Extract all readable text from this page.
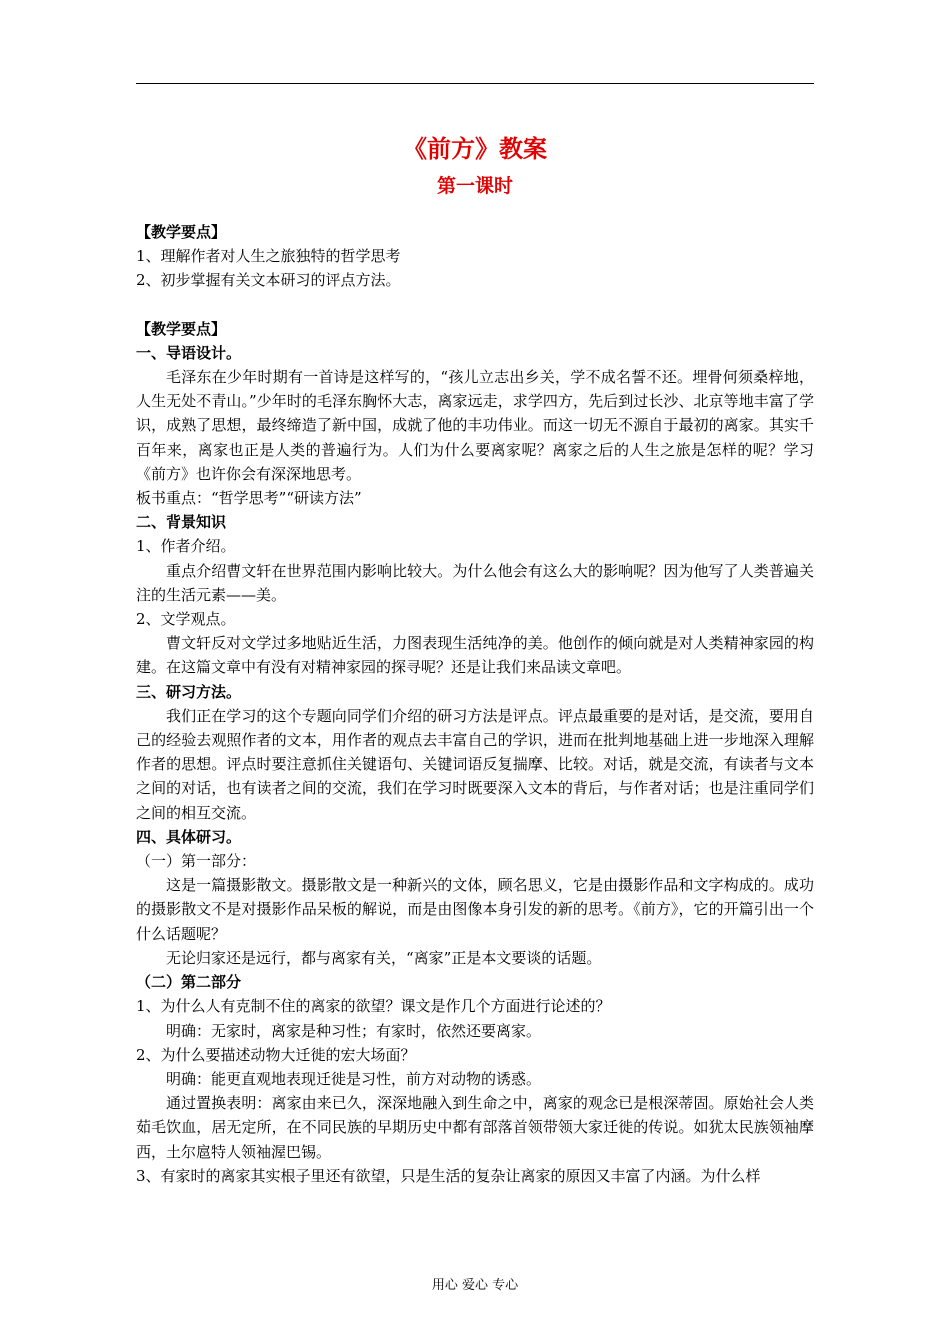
《前方》教案
第一课时

【教学要点】

1、理解作者对人生之旅独特的哲学思考

2、初步掌握有关文本研习的评点方法。

【教学要点】

一、导语设计。

毛泽东在少年时期有一首诗是这样写的，“孩儿立志出乡关，学不成名誓不还。埋骨何须桑梓地，人生无处不青山。”少年时的毛泽东胸怀大志，离家远走，求学四方，先后到过长沙、北京等地丰富了学识，成熟了思想，最终缔造了新中国，成就了他的丰功伟业。而这一切无不源自于最初的离家。其实千百年来，离家也正是人类的普遍行为。人们为什么要离家呢？离家之后的人生之旅是怎样的呢？学习《前方》也许你会有深深地思考。

板书重点：“哲学思考”“研读方法”

二、背景知识

1、作者介绍。

重点介绍曹文轩在世界范围内影响比较大。为什么他会有这么大的影响呢？因为他写了人类普遍关注的生活元素——美。

2、文学观点。

曹文轩反对文学过多地贴近生活，力图表现生活纯净的美。他创作的倾向就是对人类精神家园的构建。在这篇文章中有没有对精神家园的探寻呢？还是让我们来品读文章吧。

三、研习方法。

我们正在学习的这个专题向同学们介绍的研习方法是评点。评点最重要的是对话，是交流，要用自己的经验去观照作者的文本，用作者的观点去丰富自己的学识，进而在批判地基础上进一步地深入理解作者的思想。评点时要注意抓住关键语句、关键词语反复揣摩、比较。对话，就是交流，有读者与文本之间的对话，也有读者之间的交流，我们在学习时既要深入文本的背后，与作者对话；也是注重同学们之间的相互交流。

四、具体研习。

（一）第一部分：

这是一篇摄影散文。摄影散文是一种新兴的文体，顾名思义，它是由摄影作品和文字构成的。成功的摄影散文不是对摄影作品呆板的解说，而是由图像本身引发的新的思考。《前方》，它的开篇引出一个什么话题呢？

无论归家还是远行，都与离家有关，“离家”正是本文要谈的话题。

（二）第二部分

1、为什么人有克制不住的离家的欲望？课文是作几个方面进行论述的？

明确：无家时，离家是种习性；有家时，依然还要离家。

2、为什么要描述动物大迁徙的宏大场面？

明确：能更直观地表现迁徙是习性，前方对动物的诱惑。

通过置换表明：离家由来已久，深深地融入到生命之中，离家的观念已是根深蒂固。原始社会人类茹毛饮血，居无定所，在不同民族的早期历史中都有部落首领带领大家迁徙的传说。如犹太民族领袖摩西，土尔扈特人领袖渥巴锡。

3、有家时的离家其实根子里还有欲望，只是生活的复杂让离家的原因又丰富了内涵。为什么样

用心 爱心 专心
